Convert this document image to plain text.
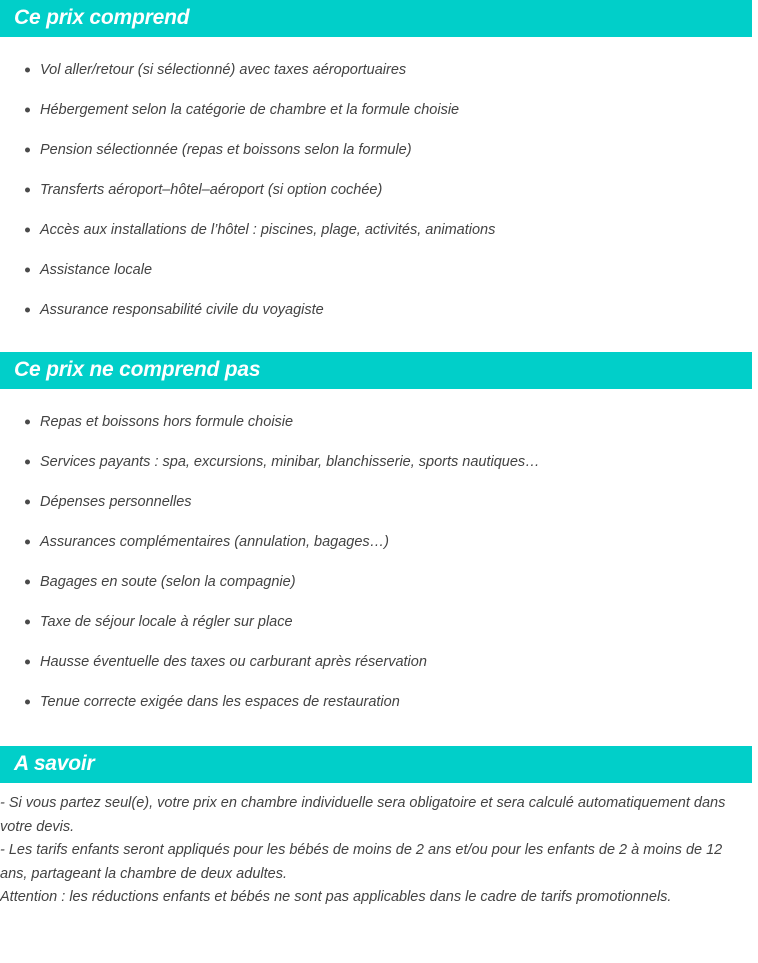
Ce prix comprend
Vol aller/retour (si sélectionné) avec taxes aéroportuaires
Hébergement selon la catégorie de chambre et la formule choisie
Pension sélectionnée (repas et boissons selon la formule)
Transferts aéroport–hôtel–aéroport (si option cochée)
Accès aux installations de l’hôtel : piscines, plage, activités, animations
Assistance locale
Assurance responsabilité civile du voyagiste
Ce prix ne comprend pas
Repas et boissons hors formule choisie
Services payants : spa, excursions, minibar, blanchisserie, sports nautiques…
Dépenses personnelles
Assurances complémentaires (annulation, bagages…)
Bagages en soute (selon la compagnie)
Taxe de séjour locale à régler sur place
Hausse éventuelle des taxes ou carburant après réservation
Tenue correcte exigée dans les espaces de restauration
A savoir

- Si vous partez seul(e), votre prix en chambre individuelle sera obligatoire et sera calculé automatiquement dans votre devis.

- Les tarifs enfants seront appliqués pour les bébés de moins de 2 ans et/ou pour les enfants de 2 à moins de 12 ans, partageant la chambre de deux adultes.

Attention : les réductions enfants et bébés ne sont pas applicables dans le cadre de tarifs promotionnels.
